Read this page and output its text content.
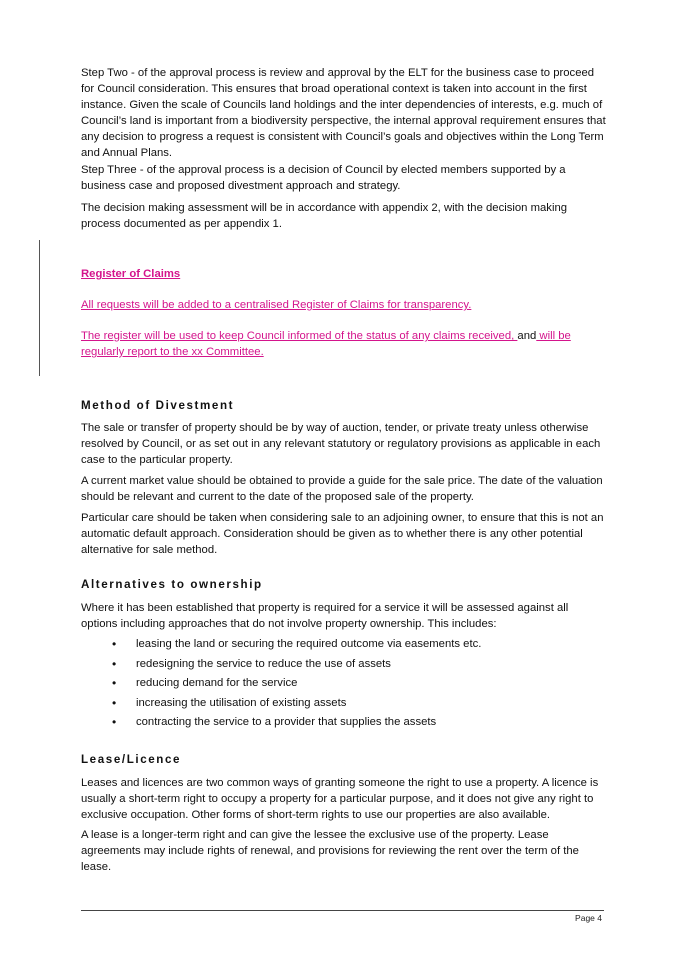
Step Two - of the approval process is review and approval by the ELT for the business case to proceed for Council consideration. This ensures that broad operational context is taken into account in the first instance. Given the scale of Councils land holdings and the inter dependencies of interests, e.g. much of Council’s land is important from a biodiversity perspective, the internal approval requirement ensures that any decision to progress a request is consistent with Council’s goals and objectives within the Long Term and Annual Plans.

Step Three - of the approval process is a decision of Council by elected members supported by a business case and proposed divestment approach and strategy.

The decision making assessment will be in accordance with appendix 2, with the decision making process documented as per appendix 1.

Register of Claims
All requests will be added to a centralised Register of Claims for transparency.
The register will be used to keep Council informed of the status of any claims received, and will be regularly report to the xx Committee.
Method of Divestment

The sale or transfer of property should be by way of auction, tender, or private treaty unless otherwise resolved by Council, or as set out in any relevant statutory or regulatory provisions as applicable in each case to the particular property.

A current market value should be obtained to provide a guide for the sale price. The date of the valuation should be relevant and current to the date of the proposed sale of the property.

Particular care should be taken when considering sale to an adjoining owner, to ensure that this is not an automatic default approach. Consideration should be given as to whether there is any other potential alternative for sale method.

Alternatives to ownership

Where it has been established that property is required for a service it will be assessed against all options including approaches that do not involve property ownership. This includes:

• leasing the land or securing the required outcome via easements etc.
• redesigning the service to reduce the use of assets
• reducing demand for the service
• increasing the utilisation of existing assets
• contracting the service to a provider that supplies the assets
Lease/Licence

Leases and licences are two common ways of granting someone the right to use a property. A licence is usually a short-term right to occupy a property for a particular purpose, and it does not give any right to exclusive occupation. Other forms of short-term rights to use our properties are also available.

A lease is a longer-term right and can give the lessee the exclusive use of the property. Lease agreements may include rights of renewal, and provisions for reviewing the rent over the term of the lease.

Page 4
